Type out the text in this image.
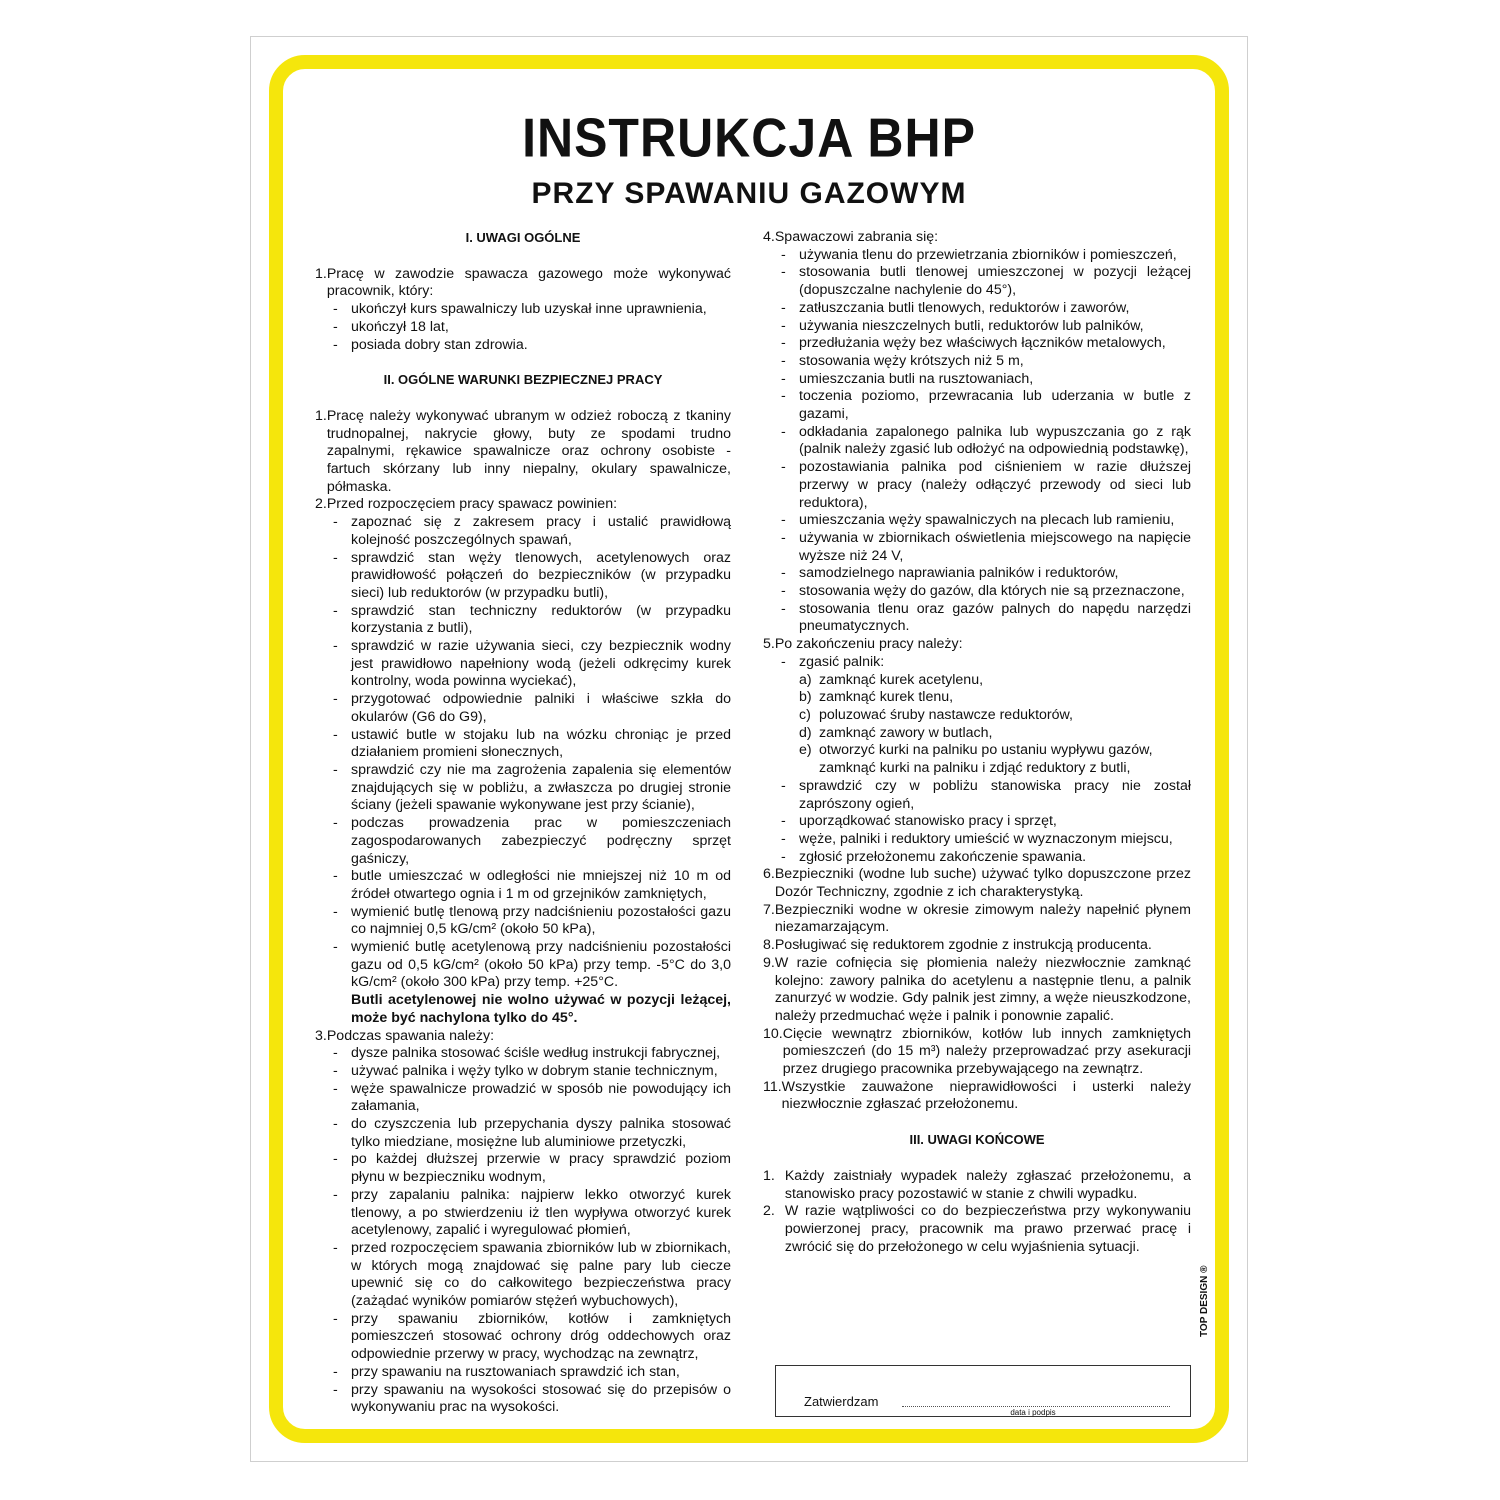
INSTRUKCJA BHP
PRZY SPAWANIU GAZOWYM
I. UWAGI OGÓLNE
1. Pracę w zawodzie spawacza gazowego może wykonywać pracownik, który:
- ukończył kurs spawalniczy lub uzyskał inne uprawnienia,
- ukończył 18 lat,
- posiada dobry stan zdrowia.
II. OGÓLNE WARUNKI BEZPIECZNEJ PRACY
1. Pracę należy wykonywać ubranym w odzież roboczą z tkaniny trudnopalnej, nakrycie głowy, buty ze spodami trudno zapalnymi, rękawice spawalnicze oraz ochrony osobiste - fartuch skórzany lub inny niepalny, okulary spawalnicze, półmaska.
2. Przed rozpoczęciem pracy spawacz powinien:
- zapoznać się z zakresem pracy i ustalić prawidłową kolejność poszczególnych spawań,
- sprawdzić stan węży tlenowych, acetylenowych oraz prawidłowość połączeń do bezpieczników (w przypadku sieci) lub reduktorów (w przypadku butli),
- sprawdzić stan techniczny reduktorów (w przypadku korzystania z butli),
- sprawdzić w razie używania sieci, czy bezpiecznik wodny jest prawidłowo napełniony wodą (jeżeli odkręcimy kurek kontrolny, woda powinna wyciekać),
- przygotować odpowiednie palniki i właściwe szkła do okularów (G6 do G9),
- ustawić butle w stojaku lub na wózku chroniąc je przed działaniem promieni słonecznych,
- sprawdzić czy nie ma zagrożenia zapalenia się elementów znajdujących się w pobliżu, a zwłaszcza po drugiej stronie ściany (jeżeli spawanie wykonywane jest przy ścianie),
- podczas prowadzenia prac w pomieszczeniach zagospodarowanych zabezpieczyć podręczny sprzęt gaśniczy,
- butle umieszczać w odległości nie mniejszej niż 10 m od źródeł otwartego ognia i 1 m od grzejników zamkniętych,
- wymienić butlę tlenową przy nadciśnieniu pozostałości gazu co najmniej 0,5 kG/cm² (około 50 kPa),
- wymienić butlę acetylenową przy nadciśnieniu pozostałości gazu od 0,5 kG/cm² (około 50 kPa) przy temp. -5°C do 3,0 kG/cm² (około 300 kPa) przy temp. +25°C.
Butli acetylenowej nie wolno używać w pozycji leżącej, może być nachylona tylko do 45°.
3. Podczas spawania należy:
- dysze palnika stosować ściśle według instrukcji fabrycznej,
- używać palnika i węży tylko w dobrym stanie technicznym,
- węże spawalnicze prowadzić w sposób nie powodujący ich załamania,
- do czyszczenia lub przepychania dyszy palnika stosować tylko miedziane, mosiężne lub aluminiowe przetyczki,
- po każdej dłuższej przerwie w pracy sprawdzić poziom płynu w bezpieczniku wodnym,
- przy zapalaniu palnika: najpierw lekko otworzyć kurek tlenowy, a po stwierdzeniu iż tlen wypływa otworzyć kurek acetylenowy, zapalić i wyregulować płomień,
- przed rozpoczęciem spawania zbiorników lub w zbiornikach, w których mogą znajdować się palne pary lub ciecze upewnić się co do całkowitego bezpieczeństwa pracy (zażądać wyników pomiarów stężeń wybuchowych),
- przy spawaniu zbiorników, kotłów i zamkniętych pomieszczeń stosować ochrony dróg oddechowych oraz odpowiednie przerwy w pracy, wychodząc na zewnątrz,
- przy spawaniu na rusztowaniach sprawdzić ich stan,
- przy spawaniu na wysokości stosować się do przepisów o wykonywaniu prac na wysokości.
4. Spawaczowi zabrania się:
- używania tlenu do przewietrzania zbiorników i pomieszczeń,
- stosowania butli tlenowej umieszczonej w pozycji leżącej (dopuszczalne nachylenie do 45°),
- zatłuszczania butli tlenowych, reduktorów i zaworów,
- używania nieszczelnych butli, reduktorów lub palników,
- przedłużania węży bez właściwych łączników metalowych,
- stosowania węży krótszych niż 5 m,
- umieszczania butli na rusztowaniach,
- toczenia poziomo, przewracania lub uderzania w butle z gazami,
- odkładania zapalonego palnika lub wypuszczania go z rąk (palnik należy zgasić lub odłożyć na odpowiednią podstawkę),
- pozostawiania palnika pod ciśnieniem w razie dłuższej przerwy w pracy (należy odłączyć przewody od sieci lub reduktora),
- umieszczania węży spawalniczych na plecach lub ramieniu,
- używania w zbiornikach oświetlenia miejscowego na napięcie wyższe niż 24 V,
- samodzielnego naprawiania palników i reduktorów,
- stosowania węży do gazów, dla których nie są przeznaczone,
- stosowania tlenu oraz gazów palnych do napędu narzędzi pneumatycznych.
5. Po zakończeniu pracy należy:
- zgasić palnik:
a) zamknąć kurek acetylenu,
b) zamknąć kurek tlenu,
c) poluzować śruby nastawcze reduktorów,
d) zamknąć zawory w butlach,
e) otworzyć kurki na palniku po ustaniu wypływu gazów, zamknąć kurki na palniku i zdjąć reduktory z butli,
- sprawdzić czy w pobliżu stanowiska pracy nie został zaprószony ogień,
- uporządkować stanowisko pracy i sprzęt,
- węże, palniki i reduktory umieścić w wyznaczonym miejscu,
- zgłosić przełożonemu zakończenie spawania.
6. Bezpieczniki (wodne lub suche) używać tylko dopuszczone przez Dozór Techniczny, zgodnie z ich charakterystyką.
7. Bezpieczniki wodne w okresie zimowym należy napełnić płynem niezamarzającym.
8. Posługiwać się reduktorem zgodnie z instrukcją producenta.
9. W razie cofnięcia się płomienia należy niezwłocznie zamknąć kolejno: zawory palnika do acetylenu a następnie tlenu, a palnik zanurzyć w wodzie. Gdy palnik jest zimny, a węże nieuszkodzone, należy przedmuchać węże i palnik i ponownie zapalić.
10. Cięcie wewnątrz zbiorników, kotłów lub innych zamkniętych pomieszczeń (do 15 m³) należy przeprowadzać przy asekuracji przez drugiego pracownika przebywającego na zewnątrz.
11. Wszystkie zauważone nieprawidłowości i usterki należy niezwłocznie zgłaszać przełożonemu.
III. UWAGI KOŃCOWE
1. Każdy zaistniały wypadek należy zgłaszać przełożonemu, a stanowisko pracy pozostawić w stanie z chwili wypadku.
2. W razie wątpliwości co do bezpieczeństwa przy wykonywaniu powierzonej pracy, pracownik ma prawo przerwać pracę i zwrócić się do przełożonego w celu wyjaśnienia sytuacji.
Zatwierdzam
data i podpis
TOP DESIGN ®
